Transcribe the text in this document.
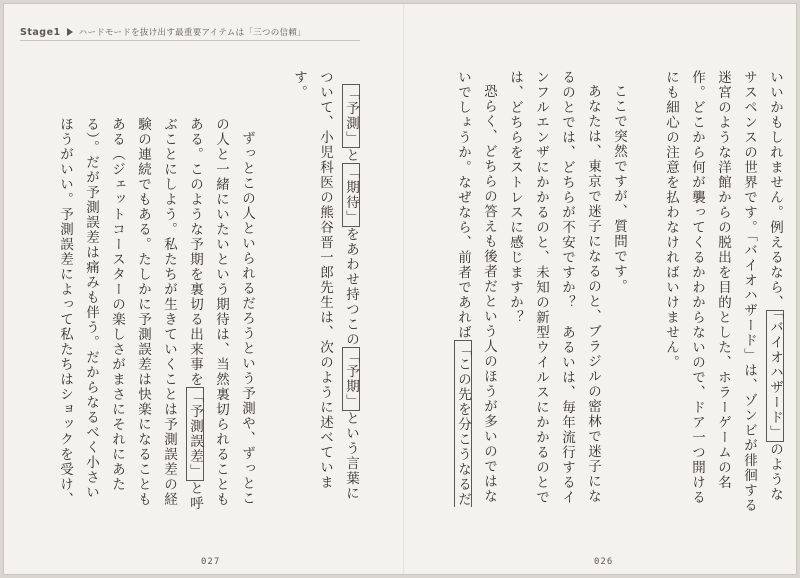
Stage1 ハードモードを抜け出す最重要アイテムは「三つの信頼」

「予測」と「期待」をあわせ持つこの「予期」という言葉について、小児科医の熊谷晋一郎先生は、次のように述べています。

ずっとこの人といられるだろうという予測や、ずっとこの人と一緒にいたいという期待は、当然裏切られることもある。このような予期を裏切る出来事を「予測誤差」と呼ぶことにしよう。私たちが生きていくことは予測誤差の経験の連続でもある。たしかに予測誤差は快楽になることもある（ジェットコースターの楽しさがまさにそれにあたる）。だが予測誤差は痛みも伴う。だからなるべく小さいほうがいい。予測誤差によって私たちはショックを受け、

いいかもしれません。例えるなら、「バイオハザード」のようなサスペンスの世界です。「バイオハザード」は、ゾンビが徘徊する迷宮のような洋館からの脱出を目的とした、ホラーゲームの名作。どこから何が襲ってくるかわからないので、ドア一つ開けるにも細心の注意を払わなければいけません。

ここで突然ですが、質問です。

あなたは、東京で迷子になるのと、ブラジルの密林で迷子になるのとでは、どちらが不安ですか？　あるいは、毎年流行するインフルエンザにかかるのと、未知の新型ウイルスにかかるのとでは、どちらをストレスに感じますか？

恐らく、どちらの答えも後者だという人のほうが多いのではないでしょうか。なぜなら、前者であれば「この先を分こうなるだ

027	026
